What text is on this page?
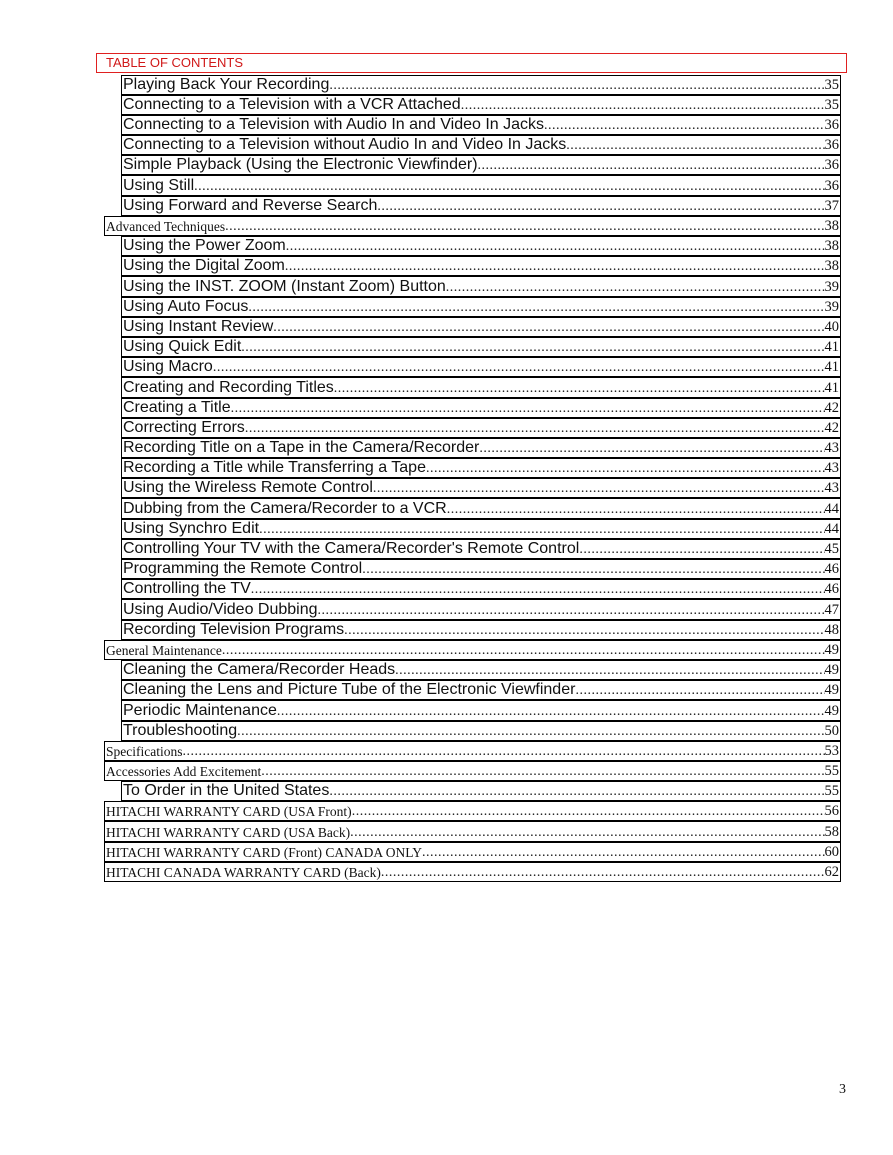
TABLE OF CONTENTS
Playing Back Your Recording .....	35
Connecting to a Television with a VCR Attached .....	35
Connecting to a Television with Audio In and Video In Jacks .....	36
Connecting to a Television without Audio In and Video In Jacks .....	36
Simple Playback (Using the Electronic Viewfinder) .....	36
Using Still .....	36
Using Forward and Reverse Search .....	37
Advanced Techniques .....	38
Using the Power Zoom .....	38
Using the Digital Zoom .....	38
Using the INST. ZOOM (Instant Zoom) Button .....	39
Using Auto Focus .....	39
Using Instant Review .....	40
Using Quick Edit .....	41
Using Macro .....	41
Creating and Recording Titles .....	41
Creating a Title .....	42
Correcting Errors .....	42
Recording Title on a Tape in the Camera/Recorder .....	43
Recording a Title while Transferring a Tape .....	43
Using the Wireless Remote Control .....	43
Dubbing from the Camera/Recorder to a VCR .....	44
Using Synchro Edit .....	44
Controlling Your TV with the Camera/Recorder's Remote Control .....	45
Programming the Remote Control .....	46
Controlling the TV .....	46
Using Audio/Video Dubbing .....	47
Recording Television Programs .....	48
General Maintenance .....	49
Cleaning the Camera/Recorder Heads .....	49
Cleaning the Lens and Picture Tube of the Electronic Viewfinder .....	49
Periodic Maintenance .....	49
Troubleshooting .....	50
Specifications .....	53
Accessories Add Excitement .....	55
To Order in the United States .....	55
HITACHI WARRANTY CARD (USA Front) .....	56
HITACHI WARRANTY CARD (USA Back) .....	58
HITACHI WARRANTY CARD (Front) CANADA ONLY .....	60
HITACHI CANADA WARRANTY CARD (Back) .....	62
3
